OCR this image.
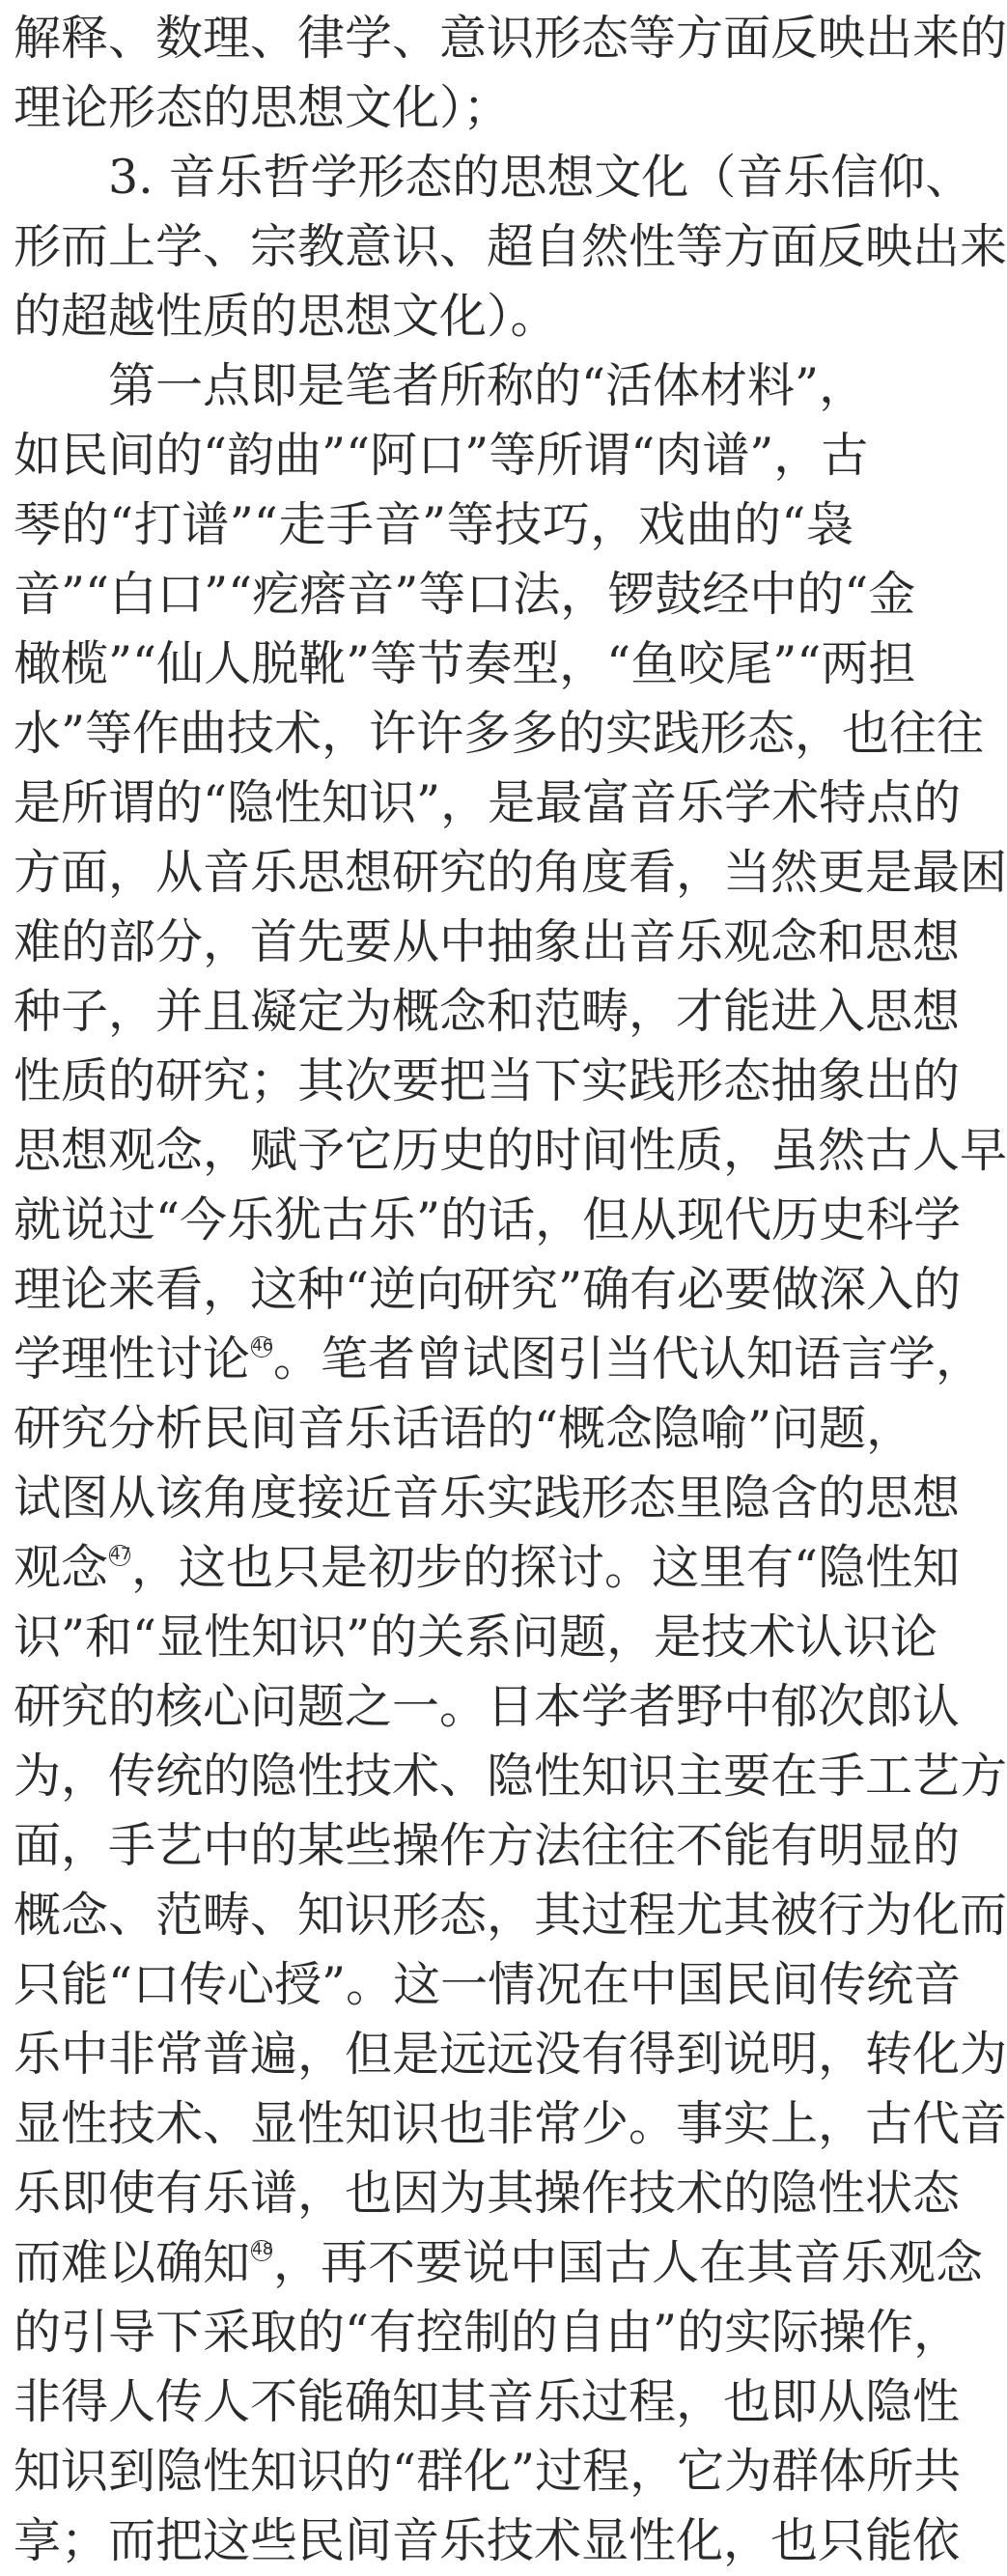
解释、数理、律学、意识形态等方面反映出来的
理论形态的思想文化）；
3. 音乐哲学形态的思想文化（音乐信仰、
形而上学、宗教意识、超自然性等方面反映出来
的超越性质的思想文化）。
第一点即是笔者所称的“活体材料”，
如民间的“韵曲”“阿口”等所谓“肉谱”，古
琴的“打谱”“走手音”等技巧，戏曲的“袅
音”“白口”“疙瘩音”等口法，锣鼓经中的“金
橄榄”“仙人脱靴”等节奏型，“鱼咬尾”“两担
水”等作曲技术，许许多多的实践形态，也往往
是所谓的“隐性知识”，是最富音乐学术特点的
方面，从音乐思想研究的角度看，当然更是最困
难的部分，首先要从中抽象出音乐观念和思想
种子，并且凝定为概念和范畴，才能进入思想
性质的研究；其次要把当下实践形态抽象出的
思想观念，赋予它历史的时间性质，虽然古人早
就说过“今乐犹古乐”的话，但从现代历史科学
理论来看，这种“逆向研究”确有必要做深入的
学理性讨论 $^{46}$。笔者曾试图引当代认知语言学，
研究分析民间音乐话语的“概念隐喻”问题，
试图从该角度接近音乐实践形态里隐含的思想
观念 $^{47}$，这也只是初步的探讨。这里有“隐性知
识”和“显性知识”的关系问题，是技术认识论
研究的核心问题之一。日本学者野中郁次郎认
为，传统的隐性技术、隐性知识主要在手工艺方
面，手艺中的某些操作方法往往不能有明显的
概念、范畴、知识形态，其过程尤其被行为化而
只能“口传心授”。这一情况在中国民间传统音
乐中非常普遍，但是远远没有得到说明，转化为
显性技术、显性知识也非常少。事实上，古代音
乐即使有乐谱，也因为其操作技术的隐性状态
而难以确知 $^{48}$，再不要说中国古人在其音乐观念
的引导下采取的“有控制的自由”的实际操作，
非得人传人不能确知其音乐过程，也即从隐性
知识到隐性知识的“群化”过程，它为群体所共
享；而把这些民间音乐技术显性化，也只能依
